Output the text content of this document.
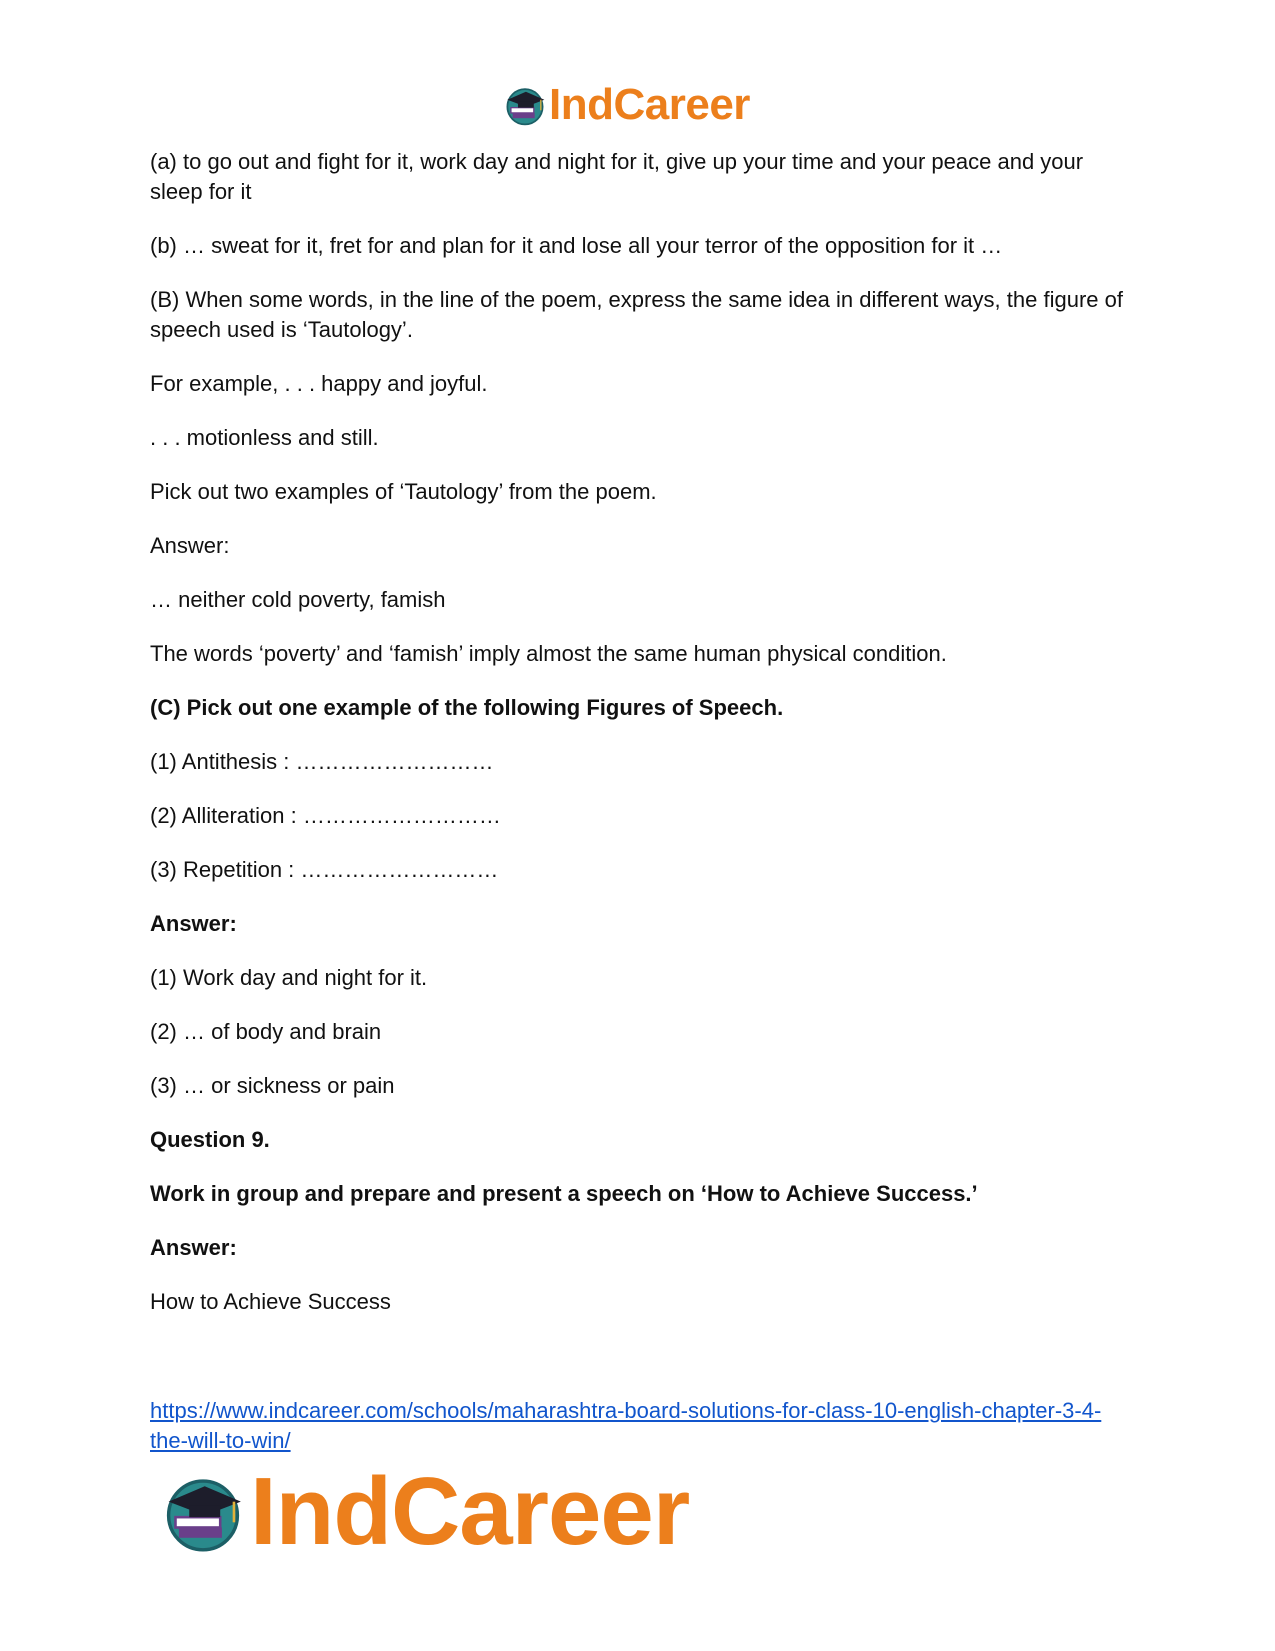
IndCareer

(a) to go out and fight for it, work day and night for it, give up your time and your peace and your sleep for it

(b) … sweat for it, fret for and plan for it and lose all your terror of the opposition for it …

(B) When some words, in the line of the poem, express the same idea in different ways, the figure of speech used is ‘Tautology’.

For example, . . . happy and joyful.

. . . motionless and still.

Pick out two examples of ‘Tautology’ from the poem.

Answer:

… neither cold poverty, famish

The words ‘poverty’ and ‘famish’ imply almost the same human physical condition.

(C) Pick out one example of the following Figures of Speech.

(1) Antithesis : ………………………

(2) Alliteration : ………………………

(3) Repetition : ………………………

Answer:

(1) Work day and night for it.

(2) … of body and brain

(3) … or sickness or pain

Question 9.

Work in group and prepare and present a speech on ‘How to Achieve Success.’

Answer:

How to Achieve Success

https://www.indcareer.com/schools/maharashtra-board-solutions-for-class-10-english-chapter-3-4-the-will-to-win/
IndCareer
